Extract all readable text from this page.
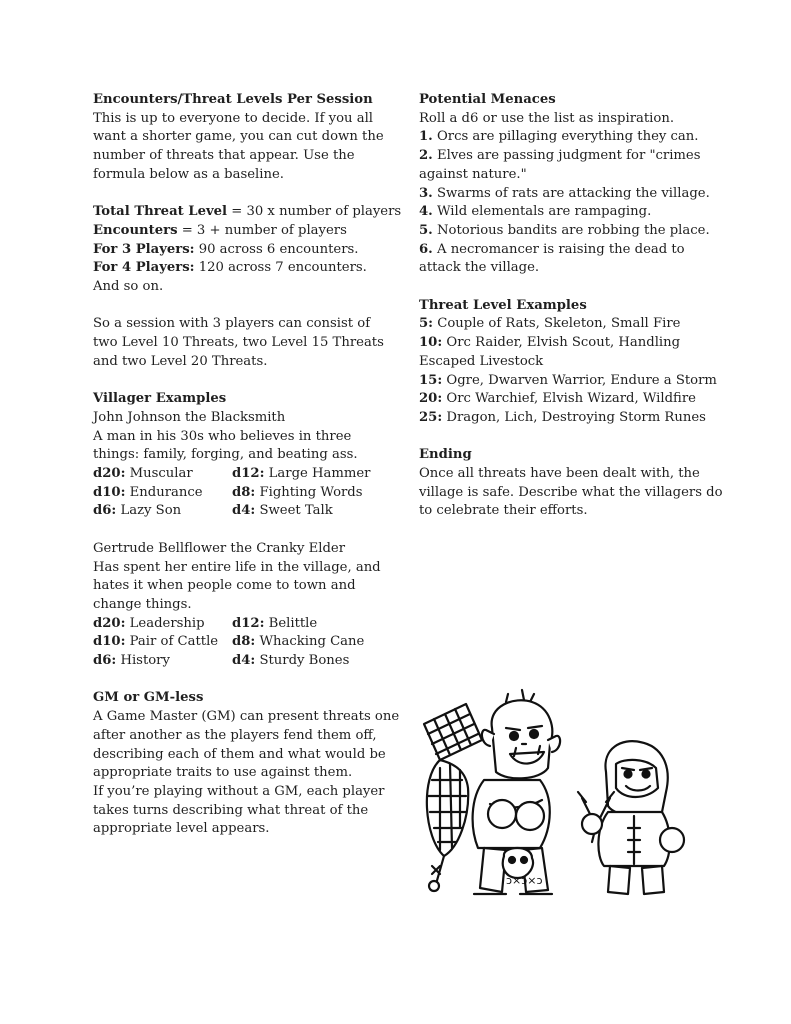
Encounters/Threat Levels Per Session
This is up to everyone to decide. If you all
want a shorter game, you can cut down the
number of threats that appear. Use the
formula below as a baseline.
Total Threat Level = 30 x number of players
Encounters = 3 + number of players
For 3 Players: 90 across 6 encounters.
For 4 Players: 120 across 7 encounters.
And so on.
So a session with 3 players can consist of
two Level 10 Threats, two Level 15 Threats
and two Level 20 Threats.
Villager Examples
John Johnson the Blacksmith
A man in his 30s who believes in three
things: family, forging, and beating ass.
d20: Muscular	d12: Large Hammer
d10: Endurance	d8: Fighting Words
d6: Lazy Son	d4: Sweet Talk
Gertrude Bellflower the Cranky Elder
Has spent her entire life in the village, and
hates it when people come to town and
change things.
d20: Leadership	d12: Belittle
d10: Pair of Cattle	d8: Whacking Cane
d6: History	d4: Sturdy Bones
GM or GM-less
A Game Master (GM) can present threats one
after another as the players fend them off,
describing each of them and what would be
appropriate traits to use against them.
If you’re playing without a GM, each player
takes turns describing what threat of the
appropriate level appears.
Potential Menaces
Roll a d6 or use the list as inspiration.
1. Orcs are pillaging everything they can.
2. Elves are passing judgment for "crimes
against nature."
3. Swarms of rats are attacking the village.
4. Wild elementals are rampaging.
5. Notorious bandits are robbing the place.
6. A necromancer is raising the dead to
attack the village.
Threat Level Examples
5: Couple of Rats, Skeleton, Small Fire
10: Orc Raider, Elvish Scout, Handling
Escaped Livestock
15: Ogre, Dwarven Warrior, Endure a Storm
20: Orc Warchief, Elvish Wizard, Wildfire
25: Dragon, Lich, Destroying Storm Runes
Ending
Once all threats have been dealt with, the
village is safe. Describe what the villagers do
to celebrate their efforts.
ɔ×ɔ×ɔ
